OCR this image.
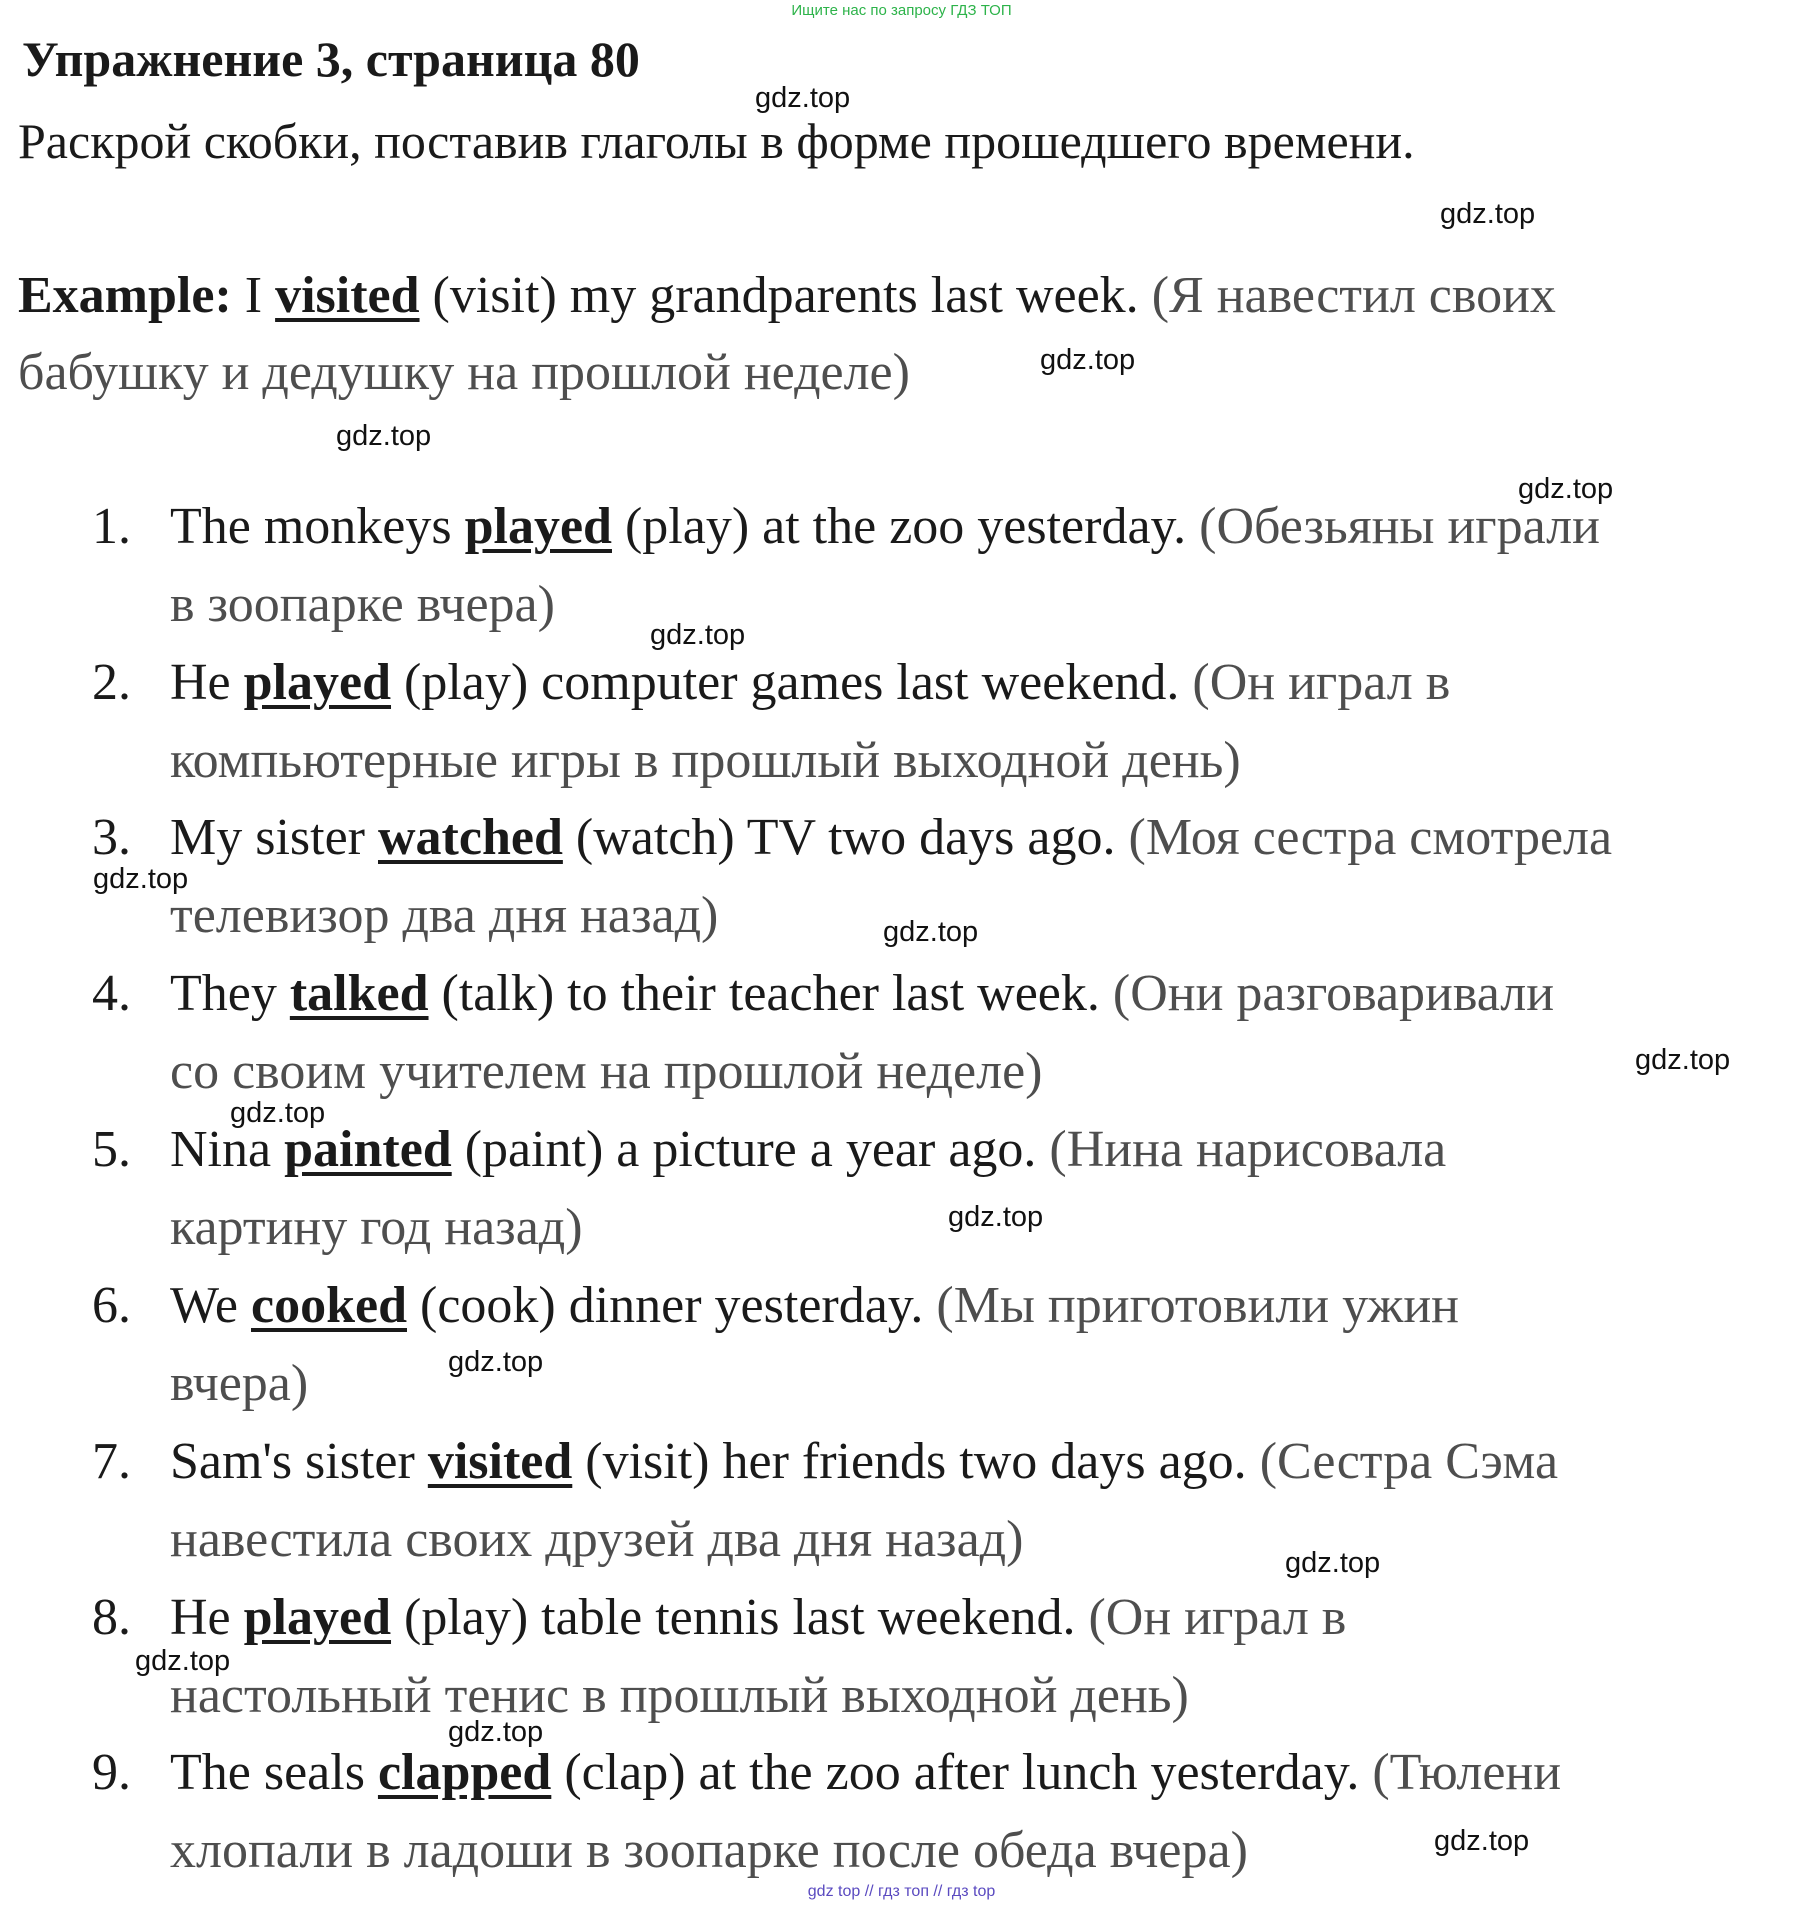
Ищите нас по запросу ГДЗ ТОП
Упражнение 3, страница 80
Раскрой скобки, поставив глаголы в форме прошедшего времени.
Example: I visited (visit) my grandparents last week. (Я навестил своих
бабушку и дедушку на прошлой неделе)
1. The monkeys played (play) at the zoo yesterday. (Обезьяны играли
в зоопарке вчера)
2. He played (play) computer games last weekend. (Он играл в
компьютерные игры в прошлый выходной день)
3. My sister watched (watch) TV two days ago. (Моя сестра смотрела
телевизор два дня назад)
4. They talked (talk) to their teacher last week. (Они разговаривали
со своим учителем на прошлой неделе)
5. Nina painted (paint) a picture a year ago. (Нина нарисовала
картину год назад)
6. We cooked (cook) dinner yesterday. (Мы приготовили ужин
вчера)
7. Sam's sister visited (visit) her friends two days ago. (Сестра Сэма
навестила своих друзей два дня назад)
8. He played (play) table tennis last weekend. (Он играл в
настольный тенис в прошлый выходной день)
9. The seals clapped (clap) at the zoo after lunch yesterday. (Тюлени
хлопали в ладоши в зоопарке после обеда вчера)
gdz.top
gdz.top
gdz.top
gdz.top
gdz.top
gdz.top
gdz.top
gdz.top
gdz.top
gdz.top
gdz.top
gdz.top
gdz.top
gdz.top
gdz.top
gdz.top
gdz top // гдз топ // гдз top
